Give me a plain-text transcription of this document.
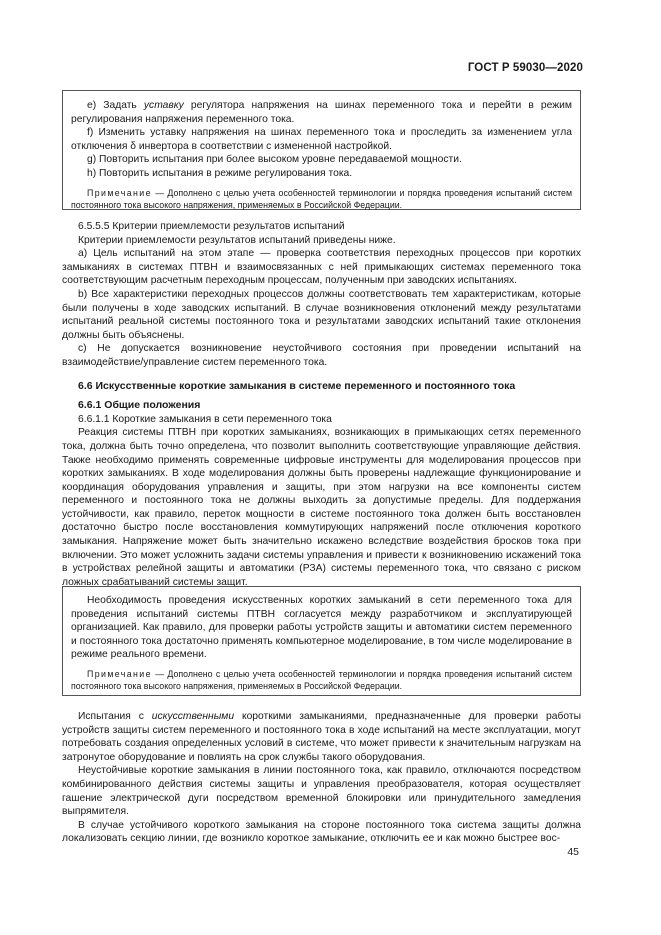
ГОСТ Р 59030—2020

е) Задать уставку регулятора напряжения на шинах переменного тока и перейти в режим регулирования напряжения переменного тока.

f) Изменить уставку напряжения на шинах переменного тока и проследить за изменением угла отключения δ инвертора в соответствии с измененной настройкой.

g) Повторить испытания при более высоком уровне передаваемой мощности.

h) Повторить испытания в режиме регулирования тока.

Примечание — Дополнено с целью учета особенностей терминологии и порядка проведения испытаний систем постоянного тока высокого напряжения, применяемых в Российской Федерации.

6.5.5.5 Критерии приемлемости результатов испытаний

Критерии приемлемости результатов испытаний приведены ниже.

а) Цель испытаний на этом этапе — проверка соответствия переходных процессов при коротких замыканиях в системах ПТВН и взаимосвязанных с ней примыкающих системах переменного тока соответствующим расчетным переходным процессам, полученным при заводских испытаниях.

b) Все характеристики переходных процессов должны соответствовать тем характеристикам, которые были получены в ходе заводских испытаний. В случае возникновения отклонений между результатами испытаний реальной системы постоянного тока и результатами заводских испытаний такие отклонения должны быть объяснены.

с) Не допускается возникновение неустойчивого состояния при проведении испытаний на взаимодействие/управление систем переменного тока.

6.6 Искусственные короткие замыкания в системе переменного и постоянного тока

6.6.1 Общие положения

6.6.1.1 Короткие замыкания в сети переменного тока

Реакция системы ПТВН при коротких замыканиях, возникающих в примыкающих сетях переменного тока, должна быть точно определена, что позволит выполнить соответствующие управляющие действия. Также необходимо применять современные цифровые инструменты для моделирования процессов при коротких замыканиях. В ходе моделирования должны быть проверены надлежащие функционирование и координация оборудования управления и защиты, при этом нагрузки на все компоненты систем переменного и постоянного тока не должны выходить за допустимые пределы. Для поддержания устойчивости, как правило, переток мощности в системе постоянного тока должен быть восстановлен достаточно быстро после восстановления коммутирующих напряжений после отключения короткого замыкания. Напряжение может быть значительно искажено вследствие воздействия бросков тока при включении. Это может усложнить задачи системы управления и привести к возникновению искажений тока в устройствах релейной защиты и автоматики (РЗА) системы переменного тока, что связано с риском ложных срабатываний системы защит.

Необходимость проведения искусственных коротких замыканий в сети переменного тока для проведения испытаний системы ПТВН согласуется между разработчиком и эксплуатирующей организацией. Как правило, для проверки работы устройств защиты и автоматики систем переменного и постоянного тока достаточно применять компьютерное моделирование, в том числе моделирование в режиме реального времени.

Примечание — Дополнено с целью учета особенностей терминологии и порядка проведения испытаний систем постоянного тока высокого напряжения, применяемых в Российской Федерации.

Испытания с искусственными короткими замыканиями, предназначенные для проверки работы устройств защиты систем переменного и постоянного тока в ходе испытаний на месте эксплуатации, могут потребовать создания определенных условий в системе, что может привести к значительным нагрузкам на затронутое оборудование и повлиять на срок службы такого оборудования.

Неустойчивые короткие замыкания в линии постоянного тока, как правило, отключаются посредством комбинированного действия системы защиты и управления преобразователя, которая осуществляет гашение электрической дуги посредством временной блокировки или принудительного замедления выпрямителя.

В случае устойчивого короткого замыкания на стороне постоянного тока система защиты должна локализовать секцию линии, где возникло короткое замыкание, отключить ее и как можно быстрее вос-

45
